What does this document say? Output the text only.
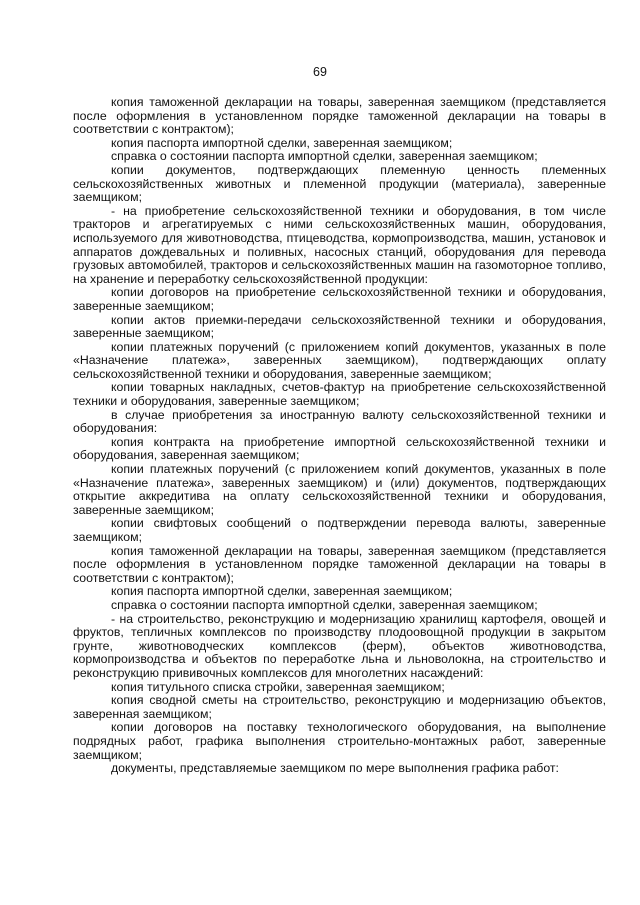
69

копия таможенной декларации на товары, заверенная заемщиком (представляется после оформления в установленном порядке таможенной декларации на товары в соответствии с контрактом);

копия паспорта импортной сделки, заверенная заемщиком;

справка о состоянии паспорта импортной сделки, заверенная заемщиком;

копии документов, подтверждающих племенную ценность племенных сельскохозяйственных животных и племенной продукции (материала), заверенные заемщиком;

- на приобретение сельскохозяйственной техники и оборудования, в том числе тракторов и агрегатируемых с ними сельскохозяйственных машин, оборудования, используемого для животноводства, птицеводства, кормопроизводства, машин, установок и аппаратов дождевальных и поливных, насосных станций, оборудования для перевода грузовых автомобилей, тракторов и сельскохозяйственных машин на газомоторное топливо, на хранение и переработку сельскохозяйственной продукции:

копии договоров на приобретение сельскохозяйственной техники и оборудования, заверенные заемщиком;

копии актов приемки-передачи сельскохозяйственной техники и оборудования, заверенные заемщиком;

копии платежных поручений (с приложением копий документов, указанных в поле «Назначение платежа», заверенных заемщиком), подтверждающих оплату сельскохозяйственной техники и оборудования, заверенные заемщиком;

копии товарных накладных, счетов-фактур на приобретение сельскохозяйственной техники и оборудования, заверенные заемщиком;

в случае приобретения за иностранную валюту сельскохозяйственной техники и оборудования:

копия контракта на приобретение импортной сельскохозяйственной техники и оборудования, заверенная заемщиком;

копии платежных поручений (с приложением копий документов, указанных в поле «Назначение платежа», заверенных заемщиком) и (или) документов, подтверждающих открытие аккредитива на оплату сельскохозяйственной техники и оборудования, заверенные заемщиком;

копии свифтовых сообщений о подтверждении перевода валюты, заверенные заемщиком;

копия таможенной декларации на товары, заверенная заемщиком (представляется после оформления в установленном порядке таможенной декларации на товары в соответствии с контрактом);

копия паспорта импортной сделки, заверенная заемщиком;

справка о состоянии паспорта импортной сделки, заверенная заемщиком;

- на строительство, реконструкцию и модернизацию хранилищ картофеля, овощей и фруктов, тепличных комплексов по производству плодоовощной продукции в закрытом грунте, животноводческих комплексов (ферм), объектов животноводства, кормопроизводства и объектов по переработке льна и льноволокна, на строительство и реконструкцию прививочных комплексов для многолетних насаждений:

копия титульного списка стройки, заверенная заемщиком;

копия сводной сметы на строительство, реконструкцию и модернизацию объектов, заверенная заемщиком;

копии договоров на поставку технологического оборудования, на выполнение подрядных работ, графика выполнения строительно-монтажных работ, заверенные заемщиком;

документы, представляемые заемщиком по мере выполнения графика работ:
